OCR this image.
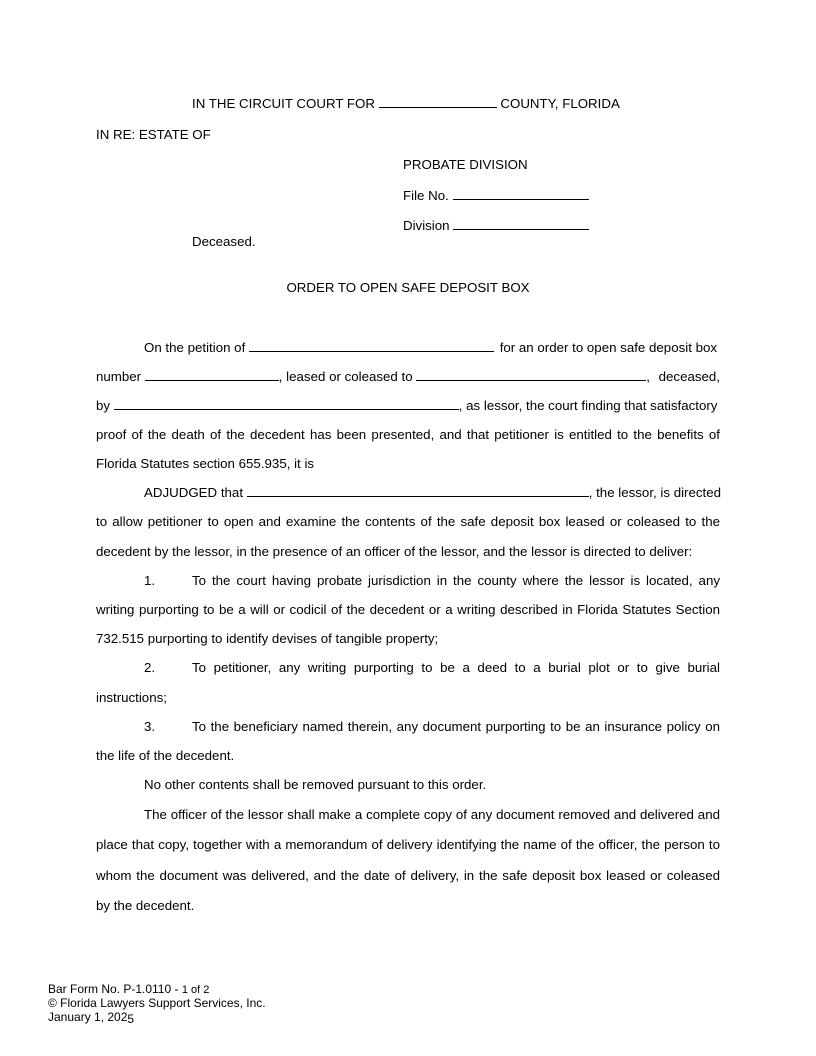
IN THE CIRCUIT COURT FOR	COUNTY, FLORIDA
IN RE: ESTATE OF
PROBATE DIVISION
File No.
Division
Deceased.
ORDER TO OPEN SAFE DEPOSIT BOX
On the petition of	for an order to open safe deposit box
number	, leased or coleased to	, deceased,
by	, as lessor, the court finding that satisfactory
proof of the death of the decedent has been presented, and that petitioner is entitled to the benefits of
Florida Statutes section 655.935, it is
ADJUDGED that	, the lessor, is directed
to allow petitioner to open and examine the contents of the safe deposit box leased or coleased to the
decedent by the lessor, in the presence of an officer of the lessor, and the lessor is directed to deliver:
1.	To the court having probate jurisdiction in the county where the lessor is located, any
writing purporting to be a will or codicil of the decedent or a writing described in Florida Statutes Section
732.515 purporting to identify devises of tangible property;
2.	To petitioner, any writing purporting to be a deed to a burial plot or to give burial
instructions;
3.	To the beneficiary named therein, any document purporting to be an insurance policy on
the life of the decedent.
No other contents shall be removed pursuant to this order.
The officer of the lessor shall make a complete copy of any document removed and delivered and
place that copy, together with a memorandum of delivery identifying the name of the officer, the person to
whom the document was delivered, and the date of delivery, in the safe deposit box leased or coleased
by the decedent.
Bar Form No. P-1.0110 - 1 of 2
© Florida Lawyers Support Services, Inc.
January 1, 2025
